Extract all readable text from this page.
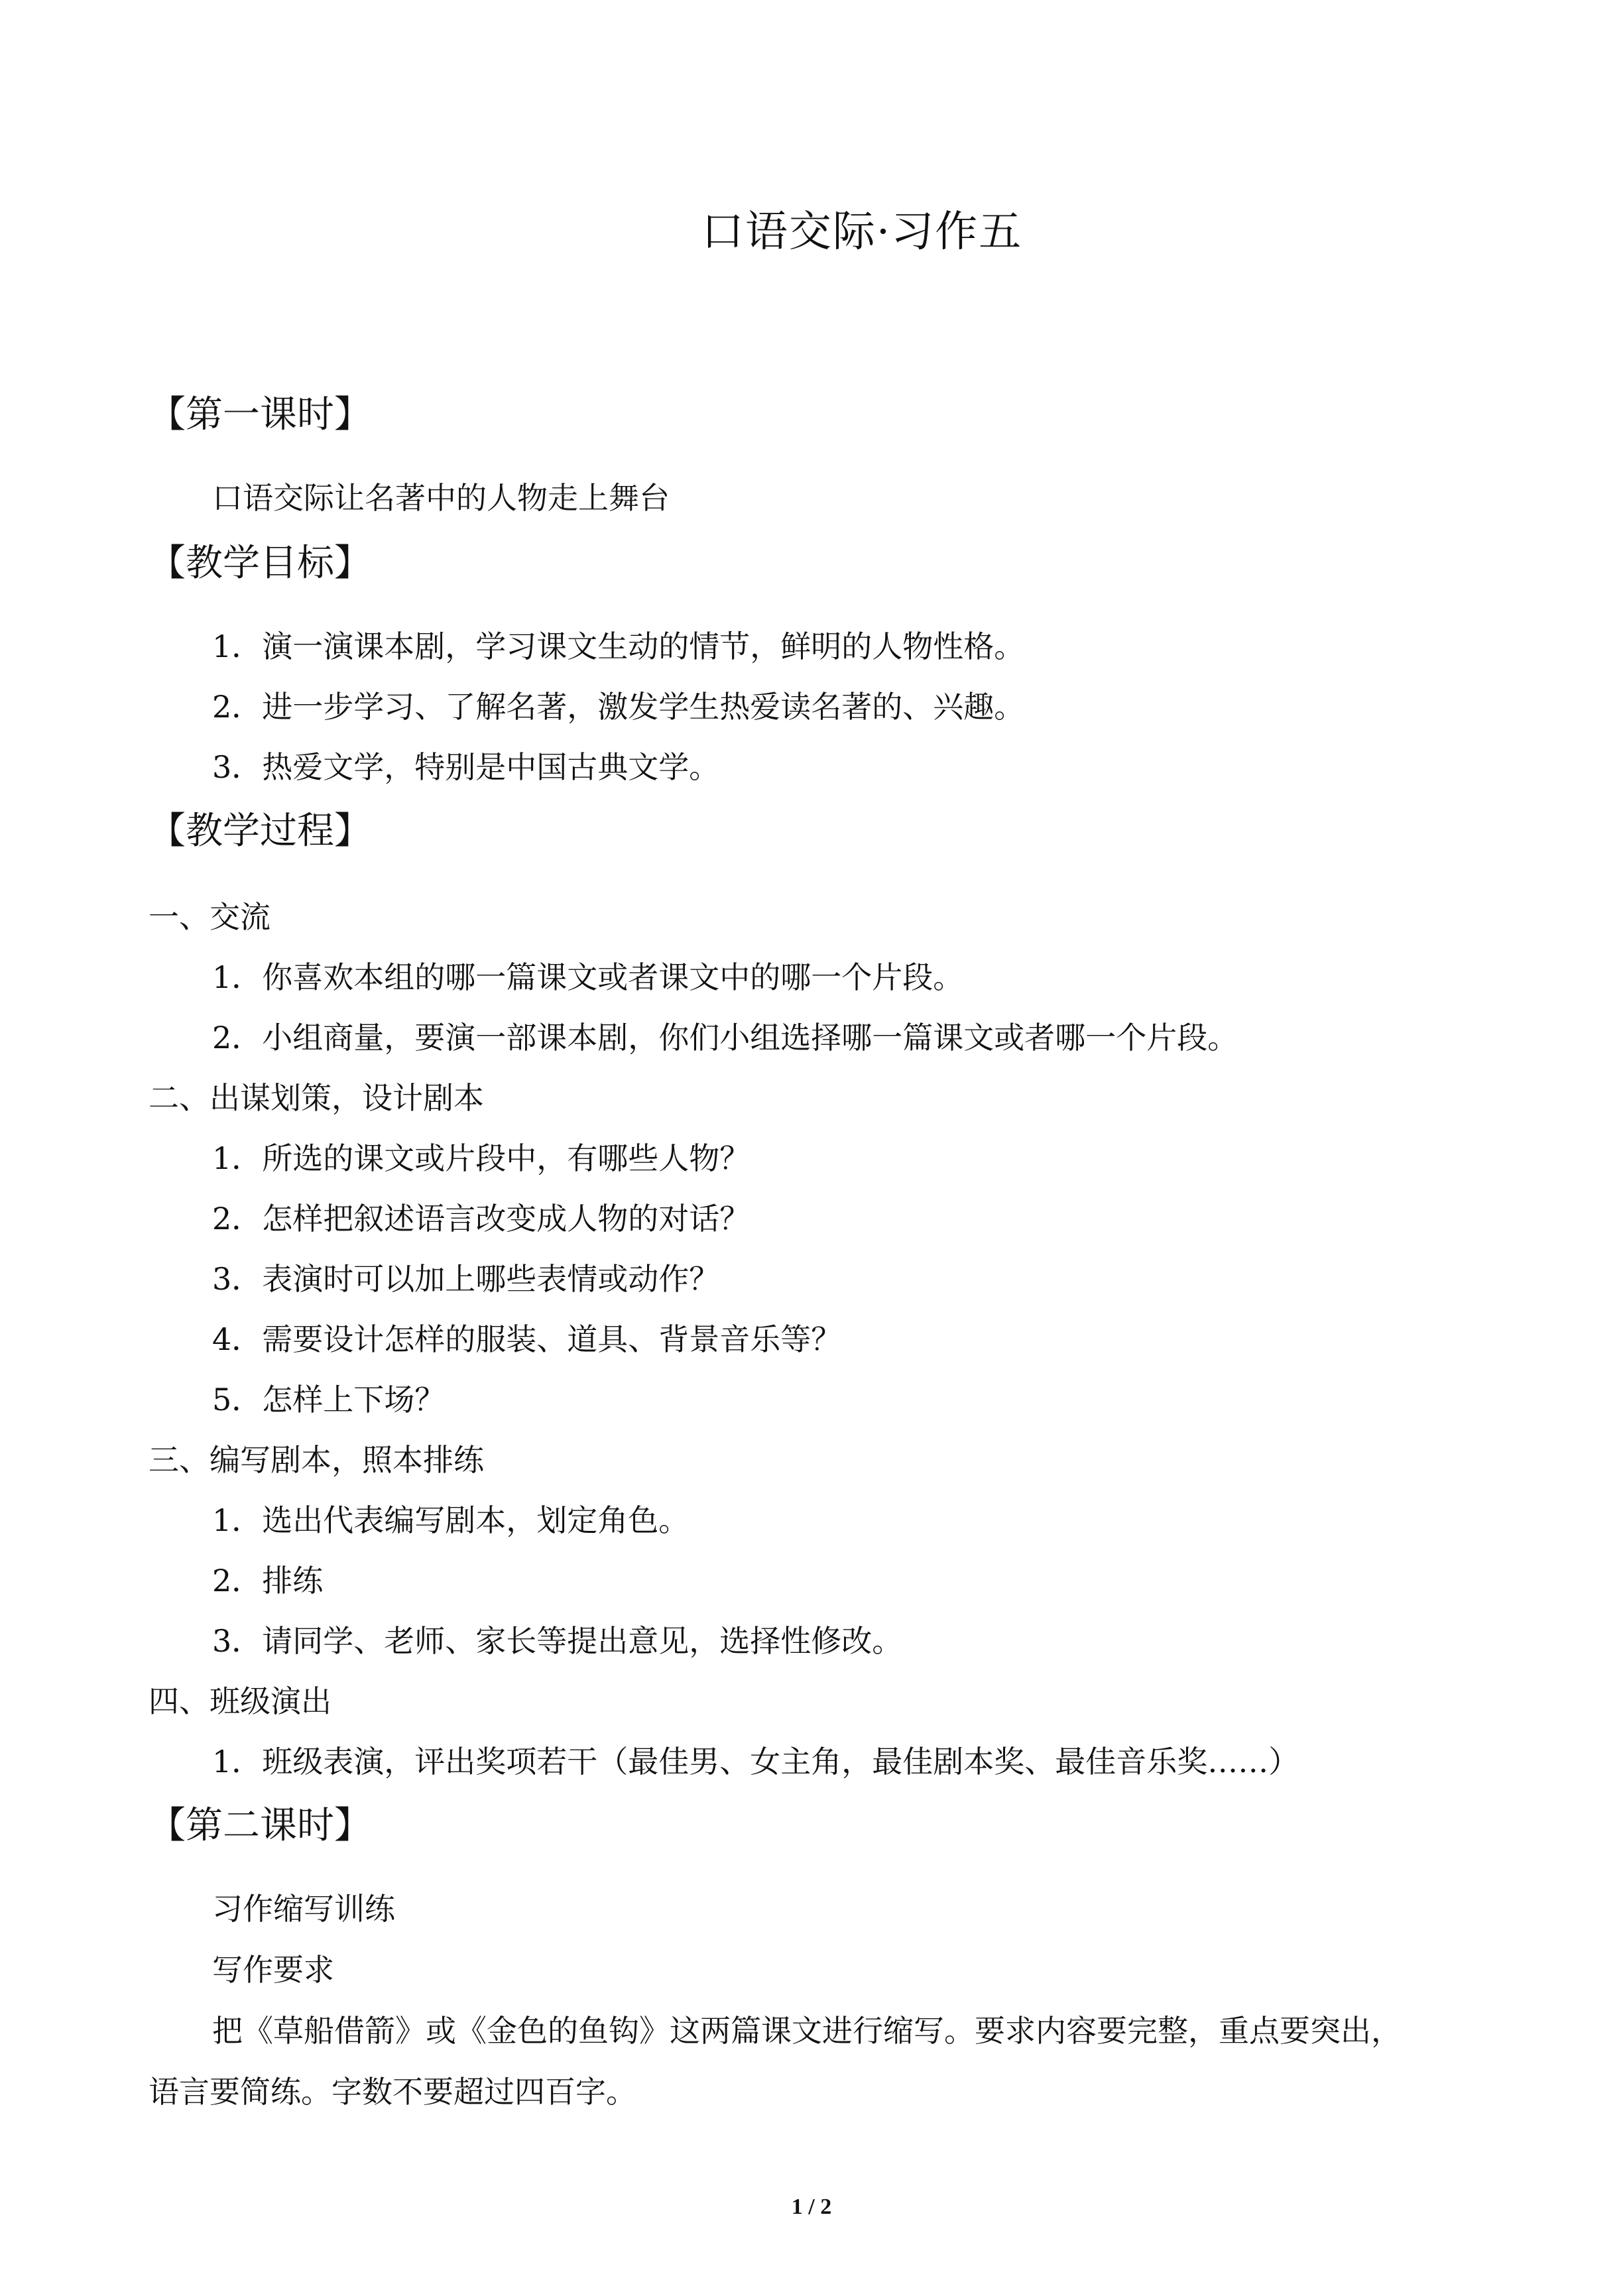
口语交际·习作五
【第一课时】
口语交际让名著中的人物走上舞台
【教学目标】
1．演一演课本剧，学习课文生动的情节，鲜明的人物性格。
2．进一步学习、了解名著，激发学生热爱读名著的、兴趣。
3．热爱文学，特别是中国古典文学。
【教学过程】
一、交流
1．你喜欢本组的哪一篇课文或者课文中的哪一个片段。
2．小组商量，要演一部课本剧，你们小组选择哪一篇课文或者哪一个片段。
二、出谋划策，设计剧本
1．所选的课文或片段中，有哪些人物？
2．怎样把叙述语言改变成人物的对话？
3．表演时可以加上哪些表情或动作？
4．需要设计怎样的服装、道具、背景音乐等？
5．怎样上下场？
三、编写剧本，照本排练
1．选出代表编写剧本，划定角色。
2．排练
3．请同学、老师、家长等提出意见，选择性修改。
四、班级演出
1．班级表演，评出奖项若干（最佳男、女主角，最佳剧本奖、最佳音乐奖……）
【第二课时】
习作缩写训练
写作要求
把《草船借箭》或《金色的鱼钩》这两篇课文进行缩写。要求内容要完整，重点要突出，
语言要简练。字数不要超过四百字。
1 / 2
